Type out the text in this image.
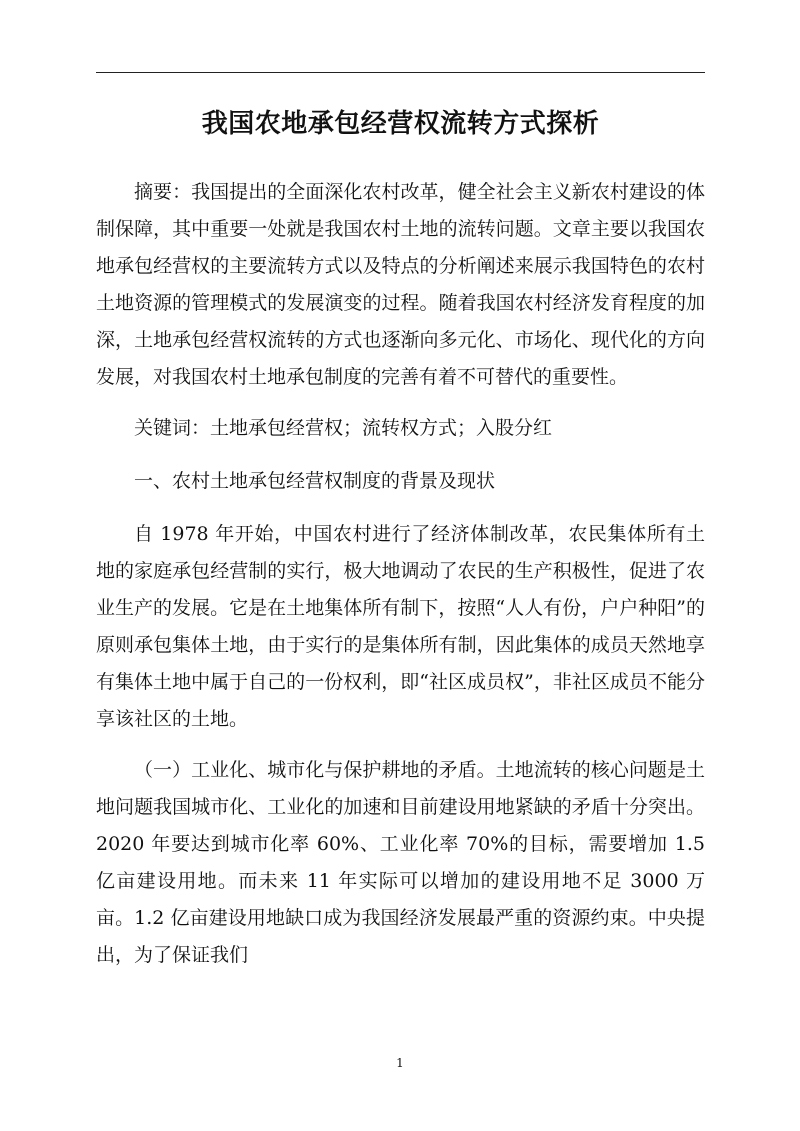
我国农地承包经营权流转方式探析

摘要：我国提出的全面深化农村改革，健全社会主义新农村建设的体制保障，其中重要一处就是我国农村土地的流转问题。文章主要以我国农地承包经营权的主要流转方式以及特点的分析阐述来展示我国特色的农村土地资源的管理模式的发展演变的过程。随着我国农村经济发育程度的加深，土地承包经营权流转的方式也逐渐向多元化、市场化、现代化的方向发展，对我国农村土地承包制度的完善有着不可替代的重要性。

关键词：土地承包经营权；流转权方式；入股分红

一、农村土地承包经营权制度的背景及现状

自 1978 年开始，中国农村进行了经济体制改革，农民集体所有土地的家庭承包经营制的实行，极大地调动了农民的生产积极性，促进了农业生产的发展。它是在土地集体所有制下，按照“人人有份，户户种阳”的原则承包集体土地，由于实行的是集体所有制，因此集体的成员天然地享有集体土地中属于自己的一份权利，即“社区成员权”，非社区成员不能分享该社区的土地。

（一）工业化、城市化与保护耕地的矛盾。土地流转的核心问题是土地问题我国城市化、工业化的加速和目前建设用地紧缺的矛盾十分突出。2020 年要达到城市化率 60%、工业化率 70%的目标，需要增加 1.5 亿亩建设用地。而未来 11 年实际可以增加的建设用地不足 3000 万亩。1.2 亿亩建设用地缺口成为我国经济发展最严重的资源约束。中央提出，为了保证我们

1
